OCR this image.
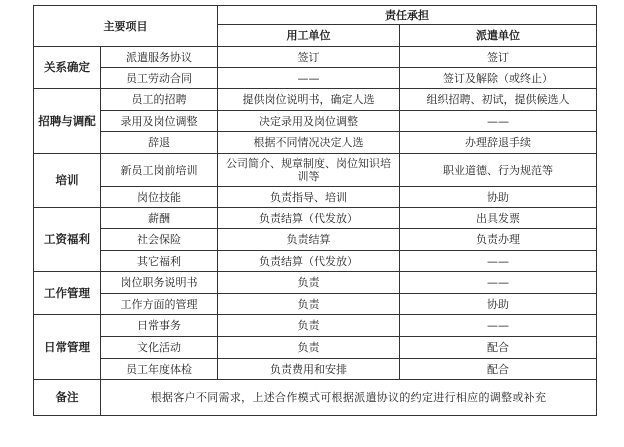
主要项目		责任承担	
		用工单位	派遣单位
关系确定	派遣服务协议	签订	签订
	员工劳动合同	——	签订及解除（或终止）
招聘与调配	员工的招聘	提供岗位说明书，确定人选	组织招聘、初试，提供候选人
	录用及岗位调整	决定录用及岗位调整	——
	辞退	根据不同情况决定人选	办理辞退手续
培训	新员工岗前培训	公司简介、规章制度、岗位知识培训等	职业道德、行为规范等
	岗位技能	负责指导、培训	协助
工资福利	薪酬	负责结算（代发放）	出具发票
	社会保险	负责结算	负责办理
	其它福利	负责结算（代发放）	——
工作管理	岗位职务说明书	负责	——
	工作方面的管理	负责	协助
日常管理	日常事务	负责	——
	文化活动	负责	配合
	员工年度体检	负责费用和安排	配合
备注	根据客户不同需求，上述合作模式可根据派遣协议的约定进行相应的调整或补充		
